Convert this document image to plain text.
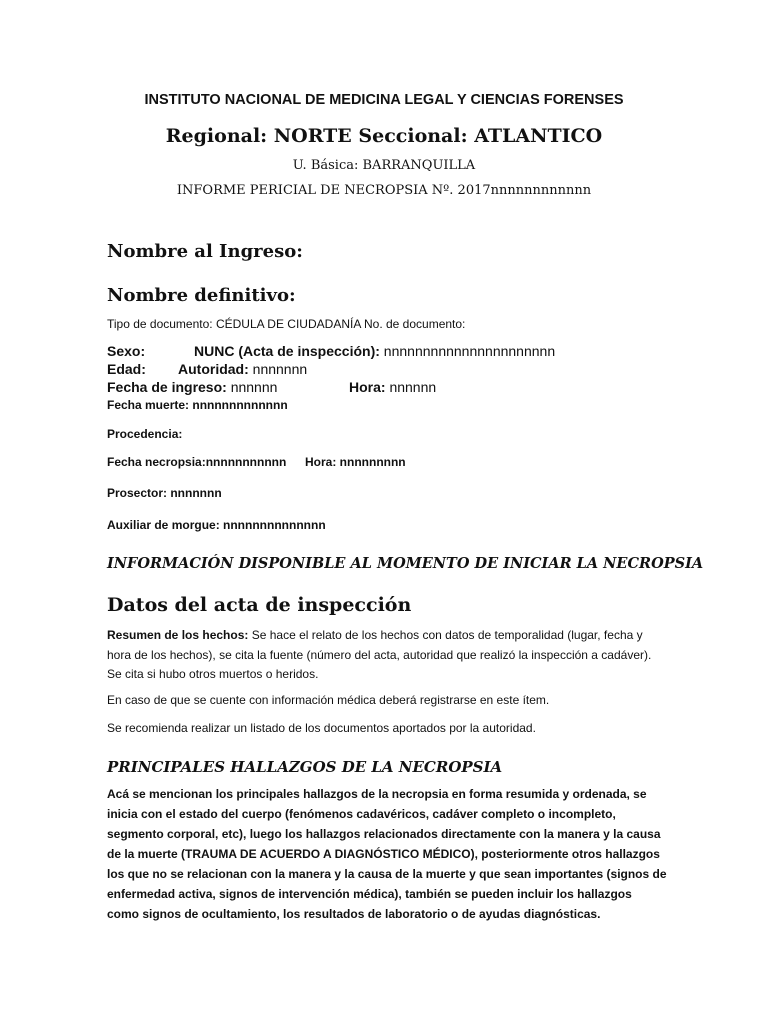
INSTITUTO NACIONAL DE MEDICINA LEGAL Y CIENCIAS FORENSES
Regional: NORTE Seccional: ATLANTICO
U. Básica: BARRANQUILLA
INFORME PERICIAL DE NECROPSIA Nº. 2017nnnnnnnnnnnn
Nombre al Ingreso:
Nombre definitivo:
Tipo de documento: CÉDULA DE CIUDADANÍA No. de documento:
Sexo:	NUNC (Acta de inspección): nnnnnnnnnnnnnnnnnnnnnn
Edad: Autoridad: nnnnnnn
Fecha de ingreso: nnnnnn	Hora: nnnnnn
Fecha muerte: nnnnnnnnnnnnn
Procedencia:
Fecha necropsia:nnnnnnnnnnn Hora: nnnnnnnnn
Prosector: nnnnnnn
Auxiliar de morgue: nnnnnnnnnnnnnn
INFORMACIÓN DISPONIBLE AL MOMENTO DE INICIAR LA NECROPSIA
Datos del acta de inspección
Resumen de los hechos: Se hace el relato de los hechos con datos de temporalidad (lugar, fecha y hora de los hechos), se cita la fuente (número del acta, autoridad que realizó la inspección a cadáver). Se cita si hubo otros muertos o heridos.
En caso de que se cuente con información médica deberá registrarse en este ítem.
Se recomienda realizar un listado de los documentos aportados por la autoridad.
PRINCIPALES HALLAZGOS DE LA NECROPSIA
Acá se mencionan los principales hallazgos de la necropsia en forma resumida y ordenada, se inicia con el estado del cuerpo (fenómenos cadavéricos, cadáver completo o incompleto, segmento corporal, etc), luego los hallazgos relacionados directamente con la manera y la causa de la muerte (TRAUMA DE ACUERDO A DIAGNÓSTICO MÉDICO), posteriormente otros hallazgos los que no se relacionan con la manera y la causa de la muerte y que sean importantes (signos de enfermedad activa, signos de intervención médica), también se pueden incluir los hallazgos como signos de ocultamiento, los resultados de laboratorio o de ayudas diagnósticas.
